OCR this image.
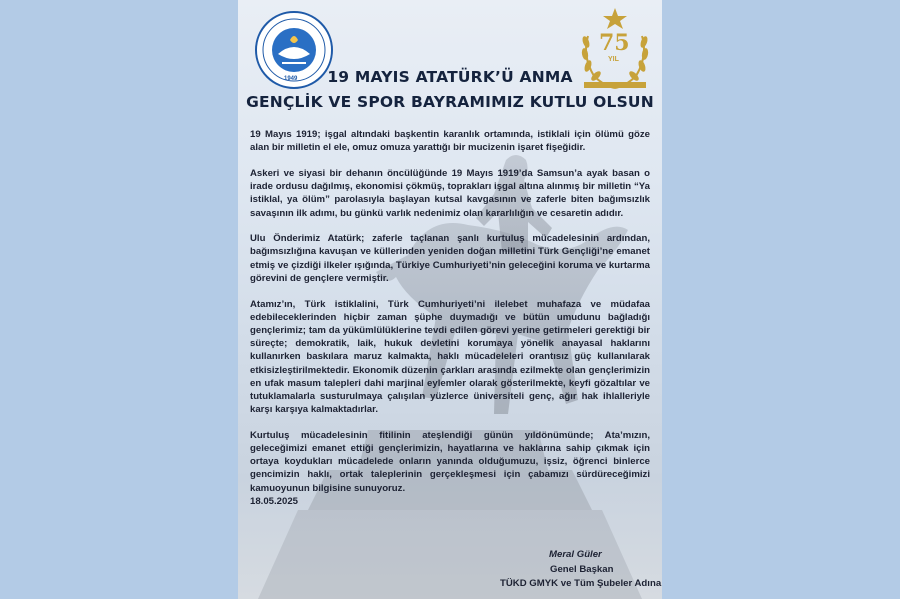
1949
75
YIL
19 MAYIS ATATÜRK’Ü ANMA
GENÇLİK VE SPOR BAYRAMIMIZ KUTLU OLSUN

19 Mayıs 1919; işgal altındaki başkentin karanlık ortamında, istiklali için ölümü göze alan bir milletin el ele, omuz omuza yarattığı bir mucizenin işaret fişeğidir.

Askeri ve siyasi bir dehanın öncülüğünde 19 Mayıs 1919’da Samsun’a ayak basan o irade ordusu dağılmış, ekonomisi çökmüş, toprakları işgal altına alınmış bir milletin “Ya istiklal, ya ölüm” parolasıyla başlayan kutsal kavgasının ve zaferle biten bağımsızlık savaşının ilk adımı, bu günkü varlık nedenimiz olan kararlılığın ve cesaretin adıdır.

Ulu Önderimiz Atatürk; zaferle taçlanan şanlı kurtuluş mücadelesinin ardından, bağımsızlığına kavuşan ve küllerinden yeniden doğan milletini Türk Gençliği’ne emanet etmiş ve çizdiği ilkeler ışığında, Türkiye Cumhuriyeti’nin geleceğini koruma ve kurtarma görevini de gençlere vermiştir.

Atamız’ın, Türk istiklalini, Türk Cumhuriyeti’ni ilelebet muhafaza ve müdafaa edebileceklerinden hiçbir zaman şüphe duymadığı ve bütün umudunu bağladığı gençlerimiz; tam da yükümlülüklerine tevdi edilen görevi yerine getirmeleri gerektiği bir süreçte; demokratik, laik, hukuk devletini korumaya yönelik anayasal haklarını kullanırken baskılara maruz kalmakta, haklı mücadeleleri orantısız güç kullanılarak etkisizleştirilmektedir. Ekonomik düzenin çarkları arasında ezilmekte olan gençlerimizin en ufak masum talepleri dahi marjinal eylemler olarak gösterilmekte, keyfi gözaltılar ve tutuklamalarla susturulmaya çalışılan yüzlerce üniversiteli genç, ağır hak ihlalleriyle karşı karşıya kalmaktadırlar.

Kurtuluş mücadelesinin fitilinin ateşlendiği günün yıldönümünde; Ata’mızın, geleceğimizi emanet ettiği gençlerimizin, hayatlarına ve haklarına sahip çıkmak için ortaya koydukları mücadelede onların yanında olduğumuzu, işsiz, öğrenci binlerce gencimizin haklı, ortak taleplerinin gerçekleşmesi için çabamızı sürdüreceğimizi kamuoyunun bilgisine sunuyoruz.

18.05.2025
Meral Güler
Genel Başkan
TÜKD GMYK ve Tüm Şubeler Adına
